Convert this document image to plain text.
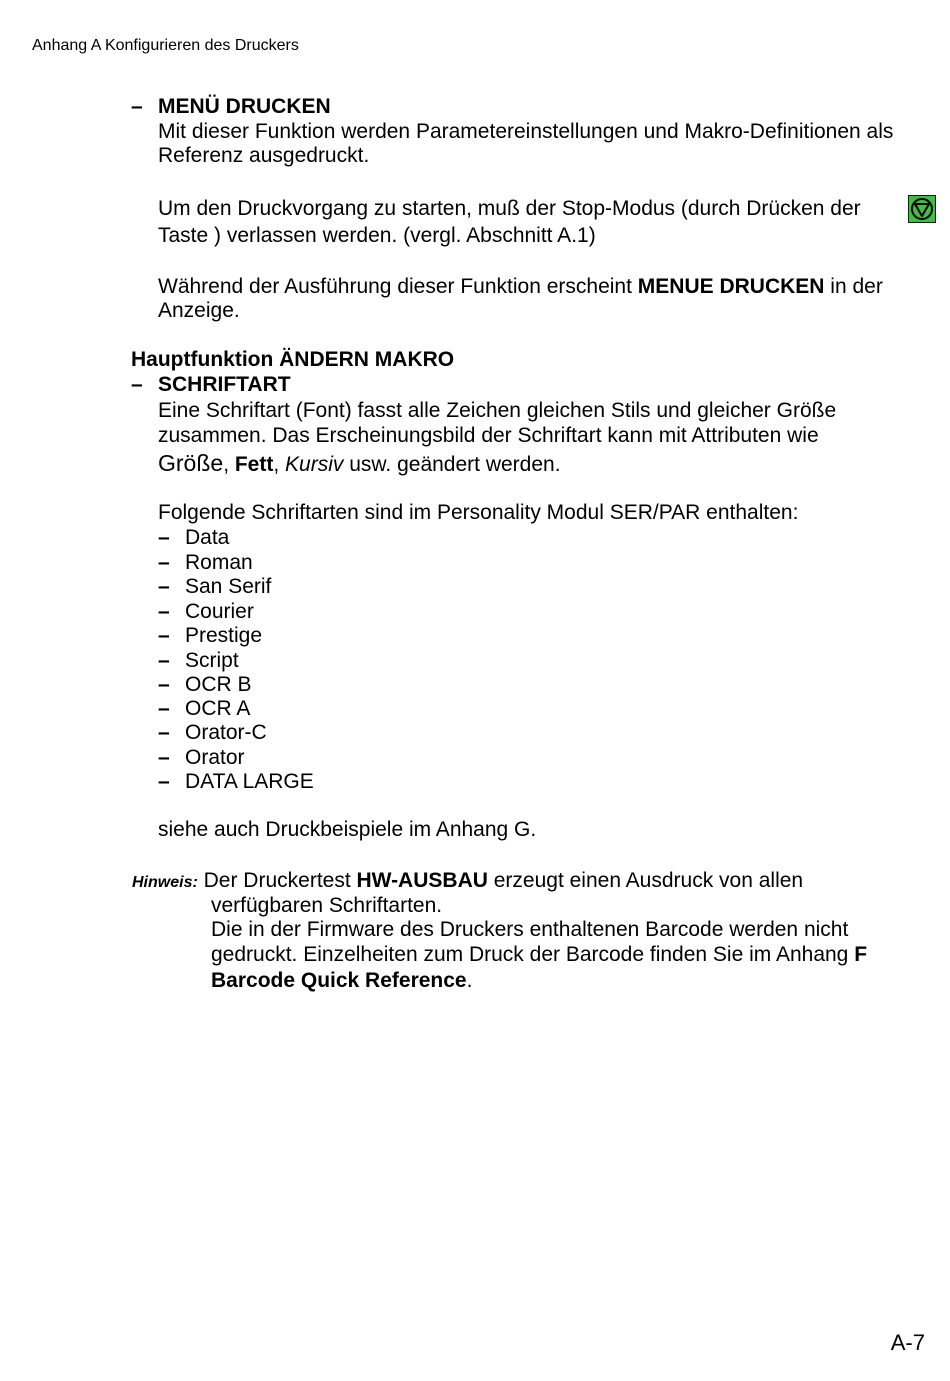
Anhang A Konfigurieren des Druckers
– MENÜ DRUCKEN
Mit dieser Funktion werden Parametereinstellungen und Makro-Definitionen als
Referenz ausgedruckt.
Um den Druckvorgang zu starten, muß der Stop-Modus (durch Drücken der
Taste ) verlassen werden. (vergl. Abschnitt A.1)
Während der Ausführung dieser Funktion erscheint MENUE DRUCKEN in der
Anzeige.
Hauptfunktion ÄNDERN MAKRO
– SCHRIFTART
Eine Schriftart (Font) fasst alle Zeichen gleichen Stils und gleicher Größe
zusammen. Das Erscheinungsbild der Schriftart kann mit Attributen wie
Größe, Fett, Kursiv usw. geändert werden.
Folgende Schriftarten sind im Personality Modul SER/PAR enthalten:
– Data
– Roman
– San Serif
– Courier
– Prestige
– Script
– OCR B
– OCR A
– Orator-C
– Orator
– DATA LARGE
siehe auch Druckbeispiele im Anhang G.
Hinweis: Der Druckertest HW-AUSBAU erzeugt einen Ausdruck von allen
verfügbaren Schriftarten.
Die in der Firmware des Druckers enthaltenen Barcode werden nicht
gedruckt. Einzelheiten zum Druck der Barcode finden Sie im Anhang F
Barcode Quick Reference.
A-7
